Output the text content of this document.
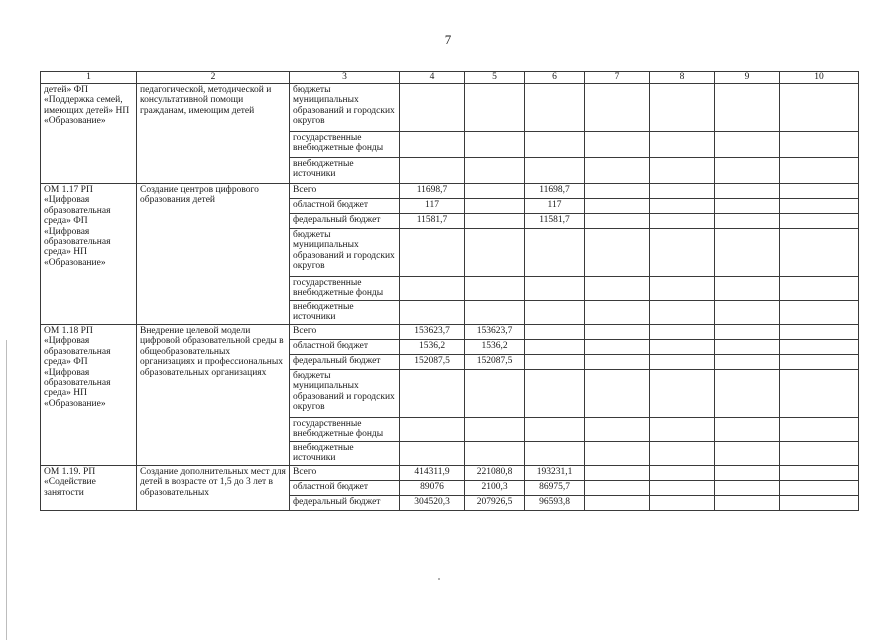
7
1	2	3	4	5	6	7	8	9	10
детей» ФП «Поддержка семей, имеющих детей» НП «Образование»	педагогической, методической и консультативной помощи гражданам, имеющим детей	бюджеты муниципальных образований и городских округов							
		государственные внебюджетные фонды							
		внебюджетные источники							
ОМ 1.17 РП «Цифровая образовательная среда» ФП «Цифровая образовательная среда» НП «Образование»	Создание центров цифрового образования детей	Всего	11698,7		11698,7				
		областной бюджет	117		117				
		федеральный бюджет	11581,7		11581,7				
		бюджеты муниципальных образований и городских округов							
		государственные внебюджетные фонды							
		внебюджетные источники							
ОМ 1.18 РП «Цифровая образовательная среда» ФП «Цифровая образовательная среда» НП «Образование»	Внедрение целевой модели цифровой образовательной среды в общеобразовательных организациях и профессиональных образовательных организациях	Всего	153623,7	153623,7					
		областной бюджет	1536,2	1536,2					
		федеральный бюджет	152087,5	152087,5					
		бюджеты муниципальных образований и городских округов							
		государственные внебюджетные фонды							
		внебюджетные источники							
ОМ 1.19. РП «Содействие занятости	Создание дополнительных мест для детей в возрасте от 1,5 до 3 лет в образовательных	Всего	414311,9	221080,8	193231,1				
		областной бюджет	89076	2100,3	86975,7				
		федеральный бюджет	304520,3	207926,5	96593,8				
